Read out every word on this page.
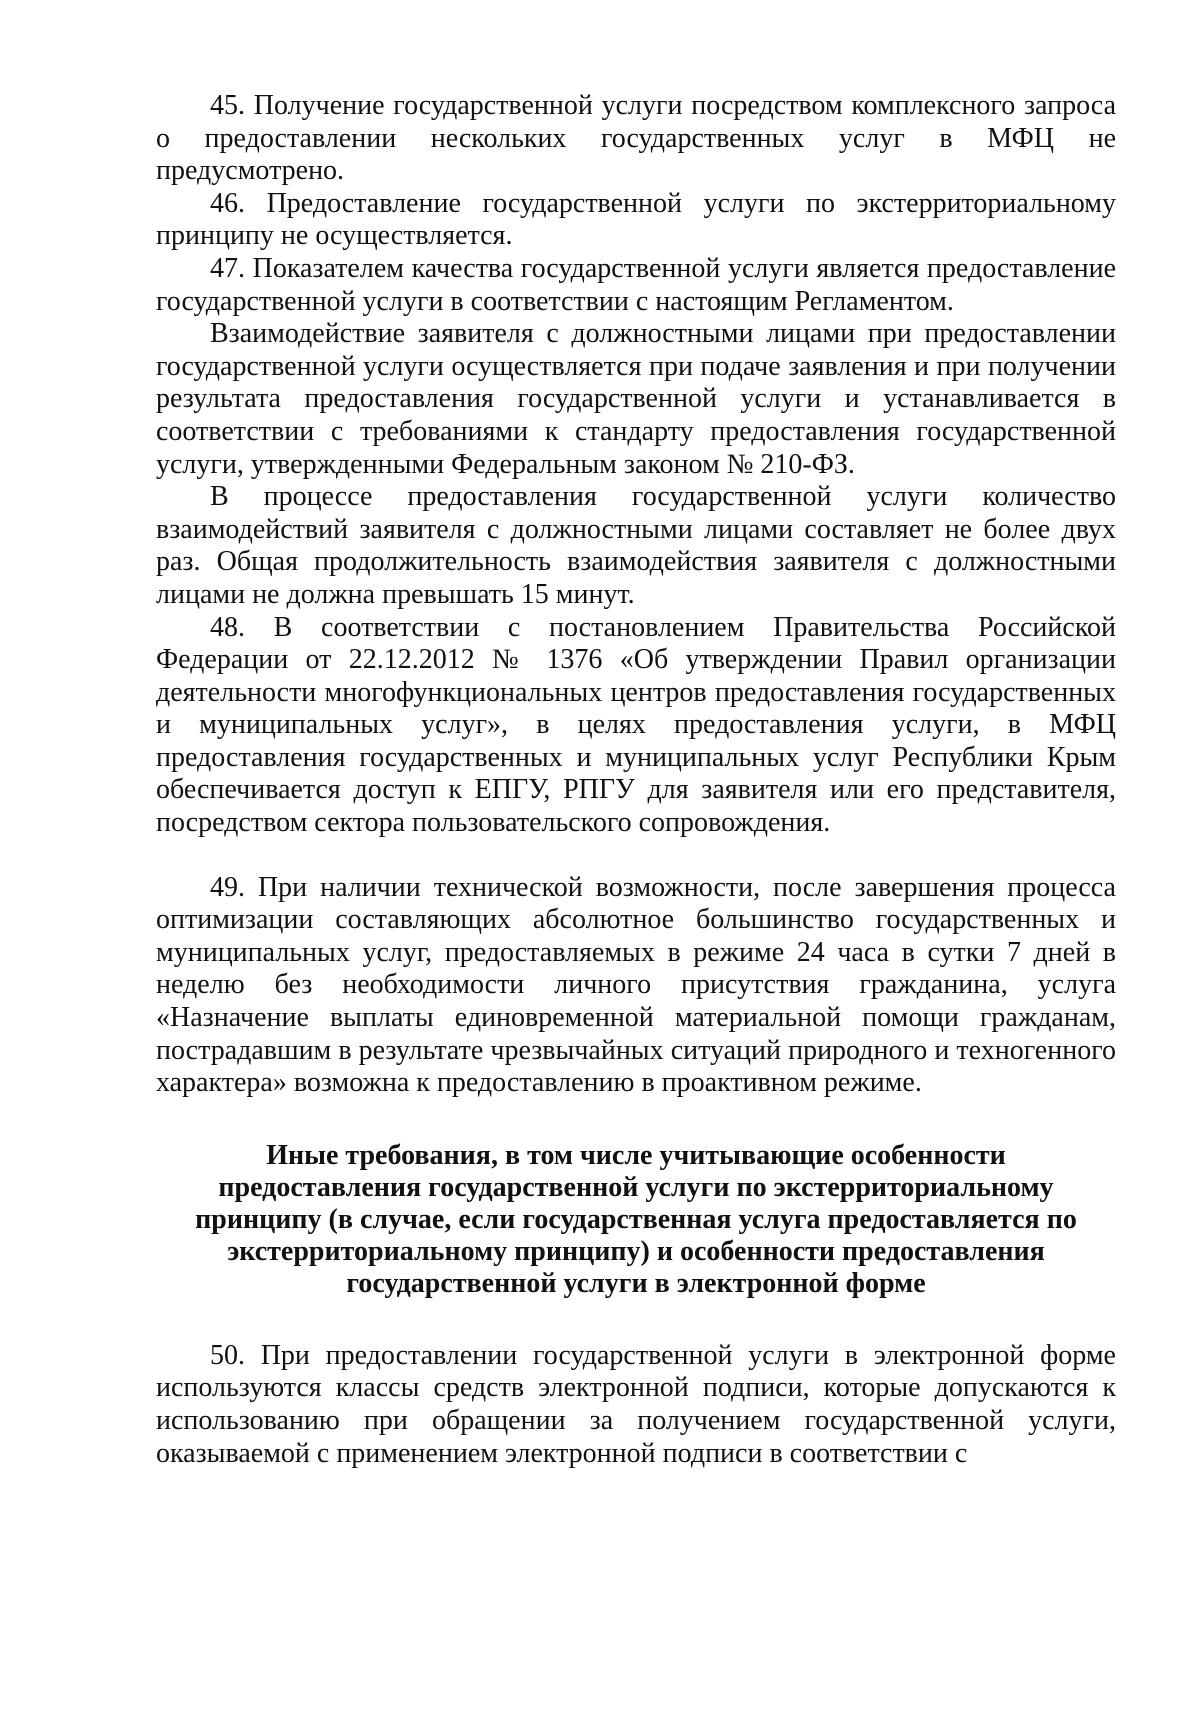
45. Получение государственной услуги посредством комплексного запроса о предоставлении нескольких государственных услуг в МФЦ не предусмотрено.

46. Предоставление государственной услуги по экстерриториальному принципу не осуществляется.

47. Показателем качества государственной услуги является предоставление государственной услуги в соответствии с настоящим Регламентом.

Взаимодействие заявителя с должностными лицами при предоставлении государственной услуги осуществляется при подаче заявления и при получении результата предоставления государственной услуги и устанавливается в соответствии с требованиями к стандарту предоставления государственной услуги, утвержденными Федеральным законом № 210-ФЗ.

В процессе предоставления государственной услуги количество взаимодействий заявителя с должностными лицами составляет не более двух раз. Общая продолжительность взаимодействия заявителя с должностными лицами не должна превышать 15 минут.

48. В соответствии с постановлением Правительства Российской Федерации от 22.12.2012 № 1376 «Об утверждении Правил организации деятельности многофункциональных центров предоставления государственных и муниципальных услуг», в целях предоставления услуги, в МФЦ предоставления государственных и муниципальных услуг Республики Крым обеспечивается доступ к ЕПГУ, РПГУ для заявителя или его представителя, посредством сектора пользовательского сопровождения.

49. При наличии технической возможности, после завершения процесса оптимизации составляющих абсолютное большинство государственных и муниципальных услуг, предоставляемых в режиме 24 часа в сутки 7 дней в неделю без необходимости личного присутствия гражданина, услуга «Назначение выплаты единовременной материальной помощи гражданам, пострадавшим в результате чрезвычайных ситуаций природного и техногенного характера» возможна к предоставлению в проактивном режиме.

Иные требования, в том числе учитывающие особенности предоставления государственной услуги по экстерриториальному принципу (в случае, если государственная услуга предоставляется по экстерриториальному принципу) и особенности предоставления государственной услуги в электронной форме

50. При предоставлении государственной услуги в электронной форме используются классы средств электронной подписи, которые допускаются к использованию при обращении за получением государственной услуги, оказываемой с применением электронной подписи в соответствии с
